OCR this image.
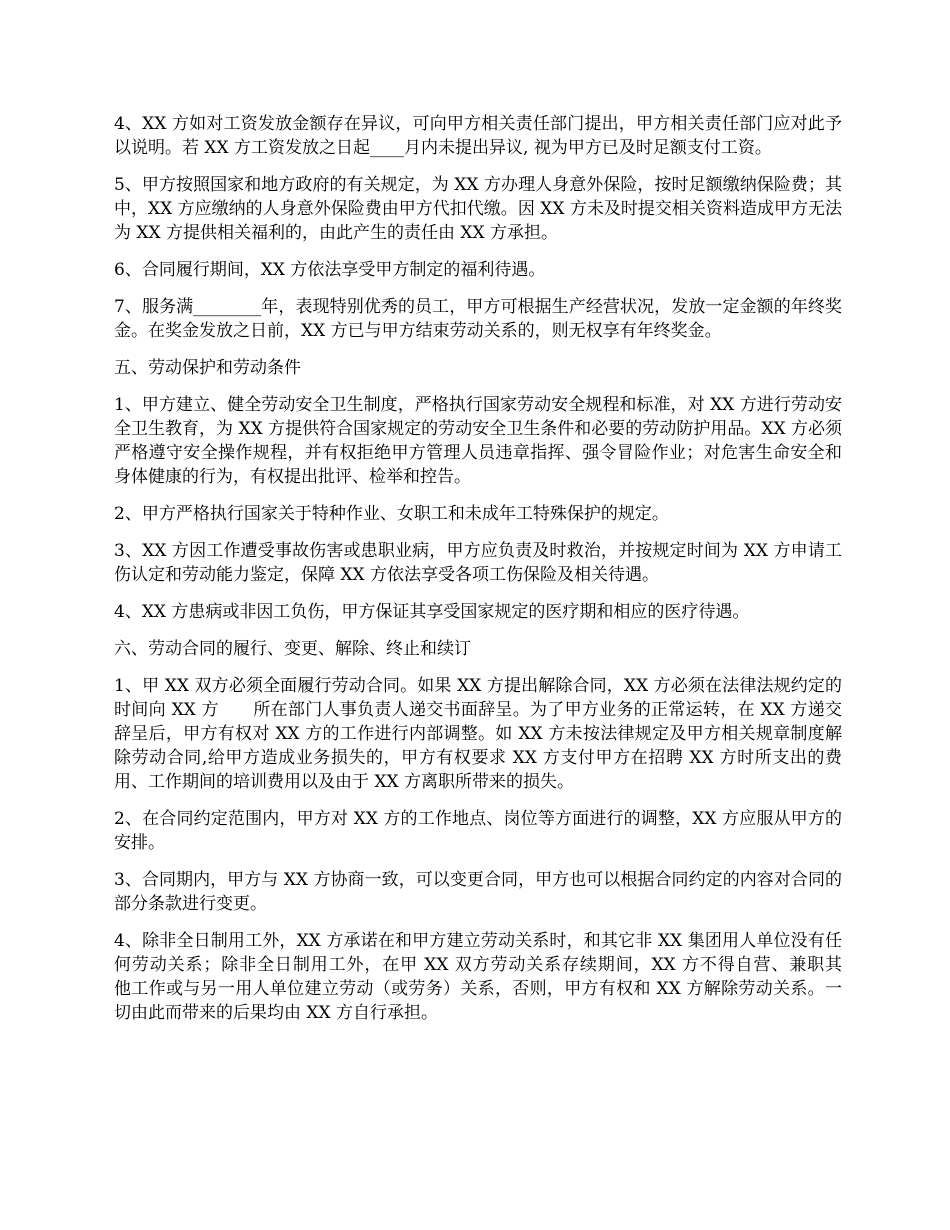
4、XX 方如对工资发放金额存在异议，可向甲方相关责任部门提出，甲方相关责任部门应对此予以说明。若 XX 方工资发放之日起____月内未提出异议, 视为甲方已及时足额支付工资。

5、甲方按照国家和地方政府的有关规定，为 XX 方办理人身意外保险，按时足额缴纳保险费；其中，XX 方应缴纳的人身意外保险费由甲方代扣代缴。因 XX 方未及时提交相关资料造成甲方无法为 XX 方提供相关福利的，由此产生的责任由 XX 方承担。

6、合同履行期间，XX 方依法享受甲方制定的福利待遇。

7、服务满________年，表现特别优秀的员工，甲方可根据生产经营状况，发放一定金额的年终奖金。在奖金发放之日前，XX 方已与甲方结束劳动关系的，则无权享有年终奖金。

五、劳动保护和劳动条件

1、甲方建立、健全劳动安全卫生制度，严格执行国家劳动安全规程和标准，对 XX 方进行劳动安全卫生教育，为 XX 方提供符合国家规定的劳动安全卫生条件和必要的劳动防护用品。XX 方必须严格遵守安全操作规程，并有权拒绝甲方管理人员违章指挥、强令冒险作业；对危害生命安全和身体健康的行为，有权提出批评、检举和控告。

2、甲方严格执行国家关于特种作业、女职工和未成年工特殊保护的规定。

3、XX 方因工作遭受事故伤害或患职业病，甲方应负责及时救治，并按规定时间为 XX 方申请工伤认定和劳动能力鉴定，保障 XX 方依法享受各项工伤保险及相关待遇。

4、XX 方患病或非因工负伤，甲方保证其享受国家规定的医疗期和相应的医疗待遇。

六、劳动合同的履行、变更、解除、终止和续订

1、甲 XX 双方必须全面履行劳动合同。如果 XX 方提出解除合同，XX 方必须在法律法规约定的时间向 XX 方　　所在部门人事负责人递交书面辞呈。为了甲方业务的正常运转，在 XX 方递交辞呈后，甲方有权对 XX 方的工作进行内部调整。如 XX 方未按法律规定及甲方相关规章制度解除劳动合同,给甲方造成业务损失的，甲方有权要求 XX 方支付甲方在招聘 XX 方时所支出的费用、工作期间的培训费用以及由于 XX 方离职所带来的损失。

2、在合同约定范围内，甲方对 XX 方的工作地点、岗位等方面进行的调整，XX 方应服从甲方的安排。

3、合同期内，甲方与 XX 方协商一致，可以变更合同，甲方也可以根据合同约定的内容对合同的部分条款进行变更。

4、除非全日制用工外，XX 方承诺在和甲方建立劳动关系时，和其它非 XX 集团用人单位没有任何劳动关系；除非全日制用工外，在甲 XX 双方劳动关系存续期间，XX 方不得自营、兼职其　　他工作或与另一用人单位建立劳动（或劳务）关系，否则，甲方有权和 XX 方解除劳动关系。一切由此而带来的后果均由 XX 方自行承担。
